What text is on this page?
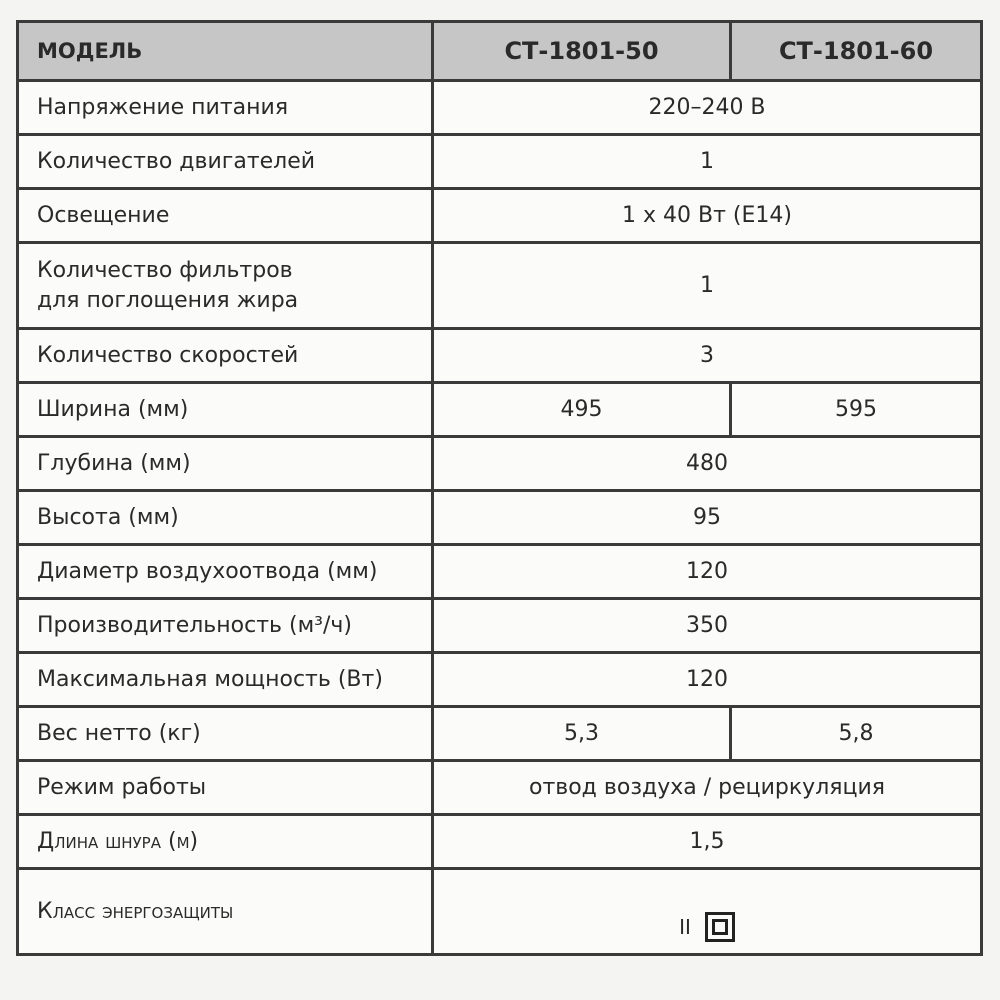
МОДЕЛЬ	СТ-1801-50	СТ-1801-60
Напряжение питания	220–240 В	
Количество двигателей	1	
Освещение	1 x 40 Вт (Е14)	

Количество фильтров
для поглощения жира	1	
Количество скоростей	3	
Ширина (мм)	495	595
Глубина (мм)	480	
Высота (мм)	95	
Диаметр воздухоотвода (мм)	120	
Производительность (м³/ч)	350	
Максимальная мощность (Вт)	120	
Вес нетто (кг)	5,3	5,8
Режим работы	отвод воздуха / рециркуляция	
Длина шнура (м)	1,5	
Класс энергозащиты	II	
